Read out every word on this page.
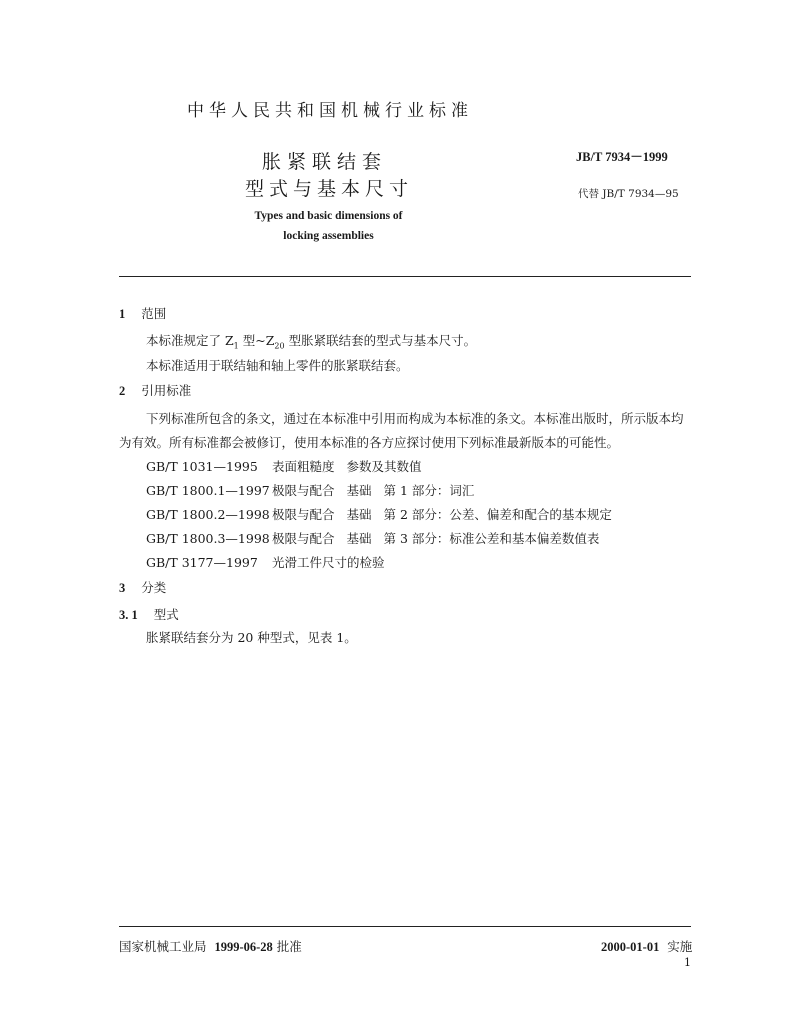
中华人民共和国机械行业标准
胀紧联结套
型式与基本尺寸
Types and basic dimensions of locking assemblies
JB/T 7934－1999
代替 JB/T 7934—95
1 范围
本标准规定了 $Z_1$ 型$\sim Z_{20}$ 型胀紧联结套的型式与基本尺寸。
本标准适用于联结轴和轴上零件的胀紧联结套。
2 引用标准
下列标准所包含的条文，通过在本标准中引用而构成为本标准的条文。本标准出版时，所示版本均
为有效。所有标准都会被修订，使用本标准的各方应探讨使用下列标准最新版本的可能性。
GB/T 1031—1995 表面粗糙度 参数及其数值
GB/T 1800.1—1997 极限与配合 基础 第 1 部分：词汇
GB/T 1800.2—1998 极限与配合 基础 第 2 部分：公差、偏差和配合的基本规定
GB/T 1800.3—1998 极限与配合 基础 第 3 部分：标准公差和基本偏差数值表
GB/T 3177—1997 光滑工件尺寸的检验
3 分类
3. 1 型式
胀紧联结套分为 20 种型式，见表 1。
国家机械工业局 1999-06-28 批准	2000-01-01 实施
1
